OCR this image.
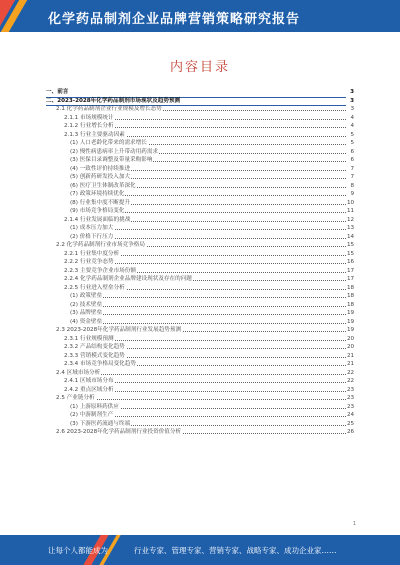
化学药品制剂企业品牌营销策略研究报告
内容目录
一、前言	3
二、2023-2028年化学药品制剂市场现状及趋势预测	3
2.1 化学药品制剂企业行业规模及增长态势	3
2.1.1 市场规模统计	4
2.1.2 行业增长分析	4
2.1.3 行业主要驱动因素	5
(1) 人口老龄化带来的需求增长	5
(2) 慢性病患病率上升带动用药需求	6
(3) 医保目录调整及带量采购影响	6
(4) 一致性评价持续推进	7
(5) 创新药研发投入加大	7
(6) 医疗卫生体制改革深化	8
(7) 政策环境持续优化	9
(8) 行业集中度不断提升	10
(9) 市场竞争格局变化	11
2.1.4 行业发展面临的挑战	12
(1) 成本压力加大	13
(2) 价格下行压力	14
2.2 化学药品制剂行业市场竞争格局	15
2.2.1 行业集中度分析	15
2.2.2 行业竞争态势	16
2.2.3 主要竞争企业市场份额	17
2.2.4 化学药品制剂企业品牌建设现状及存在的问题	17
2.2.5 行业进入壁垒分析	18
(1) 政策壁垒	18
(2) 技术壁垒	18
(3) 品牌壁垒	19
(4) 资金壁垒	19
2.3 2023-2028年化学药品制剂行业发展趋势预测	19
2.3.1 行业规模预测	20
2.3.2 产品结构变化趋势	20
2.3.3 营销模式变化趋势	21
2.3.4 市场竞争格局变化趋势	21
2.4 区域市场分析	22
2.4.1 区域市场分布	22
2.4.2 重点区域分析	23
2.5 产业链分析	23
(1) 上游原料药供应	23
(2) 中游制剂生产	24
(3) 下游医药流通与终端	25
2.6 2023-2028年化学药品制剂行业投资价值分析	26
1
让每个人都能成为	行业专家、管理专家、营销专家、战略专家、成功企业家……
